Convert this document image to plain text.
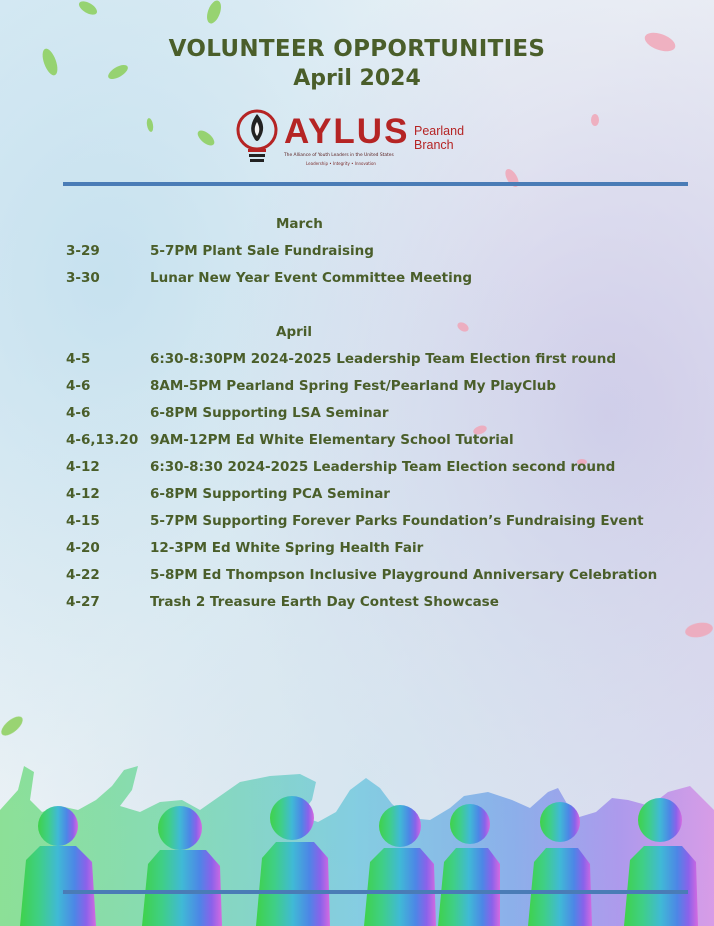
VOLUNTEER OPPORTUNITIES
April 2024
AYLUS Pearland
Branch
The Alliance of Youth Leaders in the United States
Leadership • Integrity • Innovation
March
3-29	5-7PM Plant Sale Fundraising
3-30	Lunar New Year Event Committee Meeting
April
4-5	6:30-8:30PM 2024-2025 Leadership Team Election first round
4-6	8AM-5PM Pearland Spring Fest/Pearland My PlayClub
4-6	6-8PM Supporting LSA Seminar
4-6,13.20 9AM-12PM Ed White Elementary School Tutorial
4-12	6:30-8:30 2024-2025 Leadership Team Election second round
4-12	6-8PM Supporting PCA Seminar
4-15	5-7PM Supporting Forever Parks Foundation’s Fundraising Event
4-20	12-3PM Ed White Spring Health Fair
4-22	5-8PM Ed Thompson Inclusive Playground Anniversary Celebration
4-27	Trash 2 Treasure Earth Day Contest Showcase
